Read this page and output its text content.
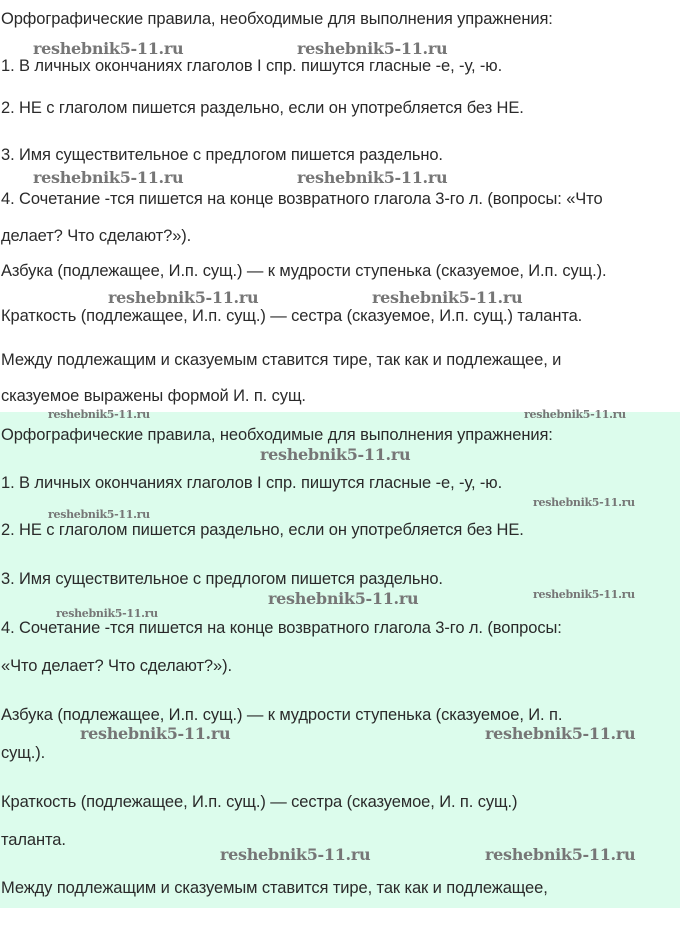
Орфографические правила, необходимые для выполнения упражнения:

1. В личных окончаниях глаголов I спр. пишутся гласные -е, -у, -ю.

2. НЕ с глаголом пишется раздельно, если он употребляется без НЕ.

3. Имя существительное с предлогом пишется раздельно.

4. Сочетание -тся пишется на конце возвратного глагола 3-го л. (вопросы: «Что

делает? Что сделают?»).

Азбука (подлежащее, И.п. сущ.) — к мудрости ступенька (сказуемое, И.п. сущ.).

Краткость (подлежащее, И.п. сущ.) — сестра (сказуемое, И.п. сущ.) таланта.

Между подлежащим и сказуемым ставится тире, так как и подлежащее, и

сказуемое выражены формой И. п. сущ.

reshebnik5-11.ru	reshebnik5-11.ru
reshebnik5-11.ru	reshebnik5-11.ru
reshebnik5-11.ru	reshebnik5-11.ru

Орфографические правила, необходимые для выполнения упражнения:

1. В личных окончаниях глаголов I спр. пишутся гласные -е, -у, -ю.

2. НЕ с глаголом пишется раздельно, если он употребляется без НЕ.

3. Имя существительное с предлогом пишется раздельно.

4. Сочетание -тся пишется на конце возвратного глагола 3-го л. (вопросы:

«Что делает? Что сделают?»).

Азбука (подлежащее, И.п. сущ.) — к мудрости ступенька (сказуемое, И. п.

сущ.).

Краткость (подлежащее, И.п. сущ.) — сестра (сказуемое, И. п. сущ.)

таланта.

Между подлежащим и сказуемым ставится тире, так как и подлежащее,

reshebnik5-11.ru	reshebnik5-11.ru
reshebnik5-11.ru
reshebnik5-11.ru
reshebnik5-11.ru
reshebnik5-11.ru	reshebnik5-11.ru
reshebnik5-11.ru
reshebnik5-11.ru	reshebnik5-11.ru
reshebnik5-11.ru	reshebnik5-11.ru
